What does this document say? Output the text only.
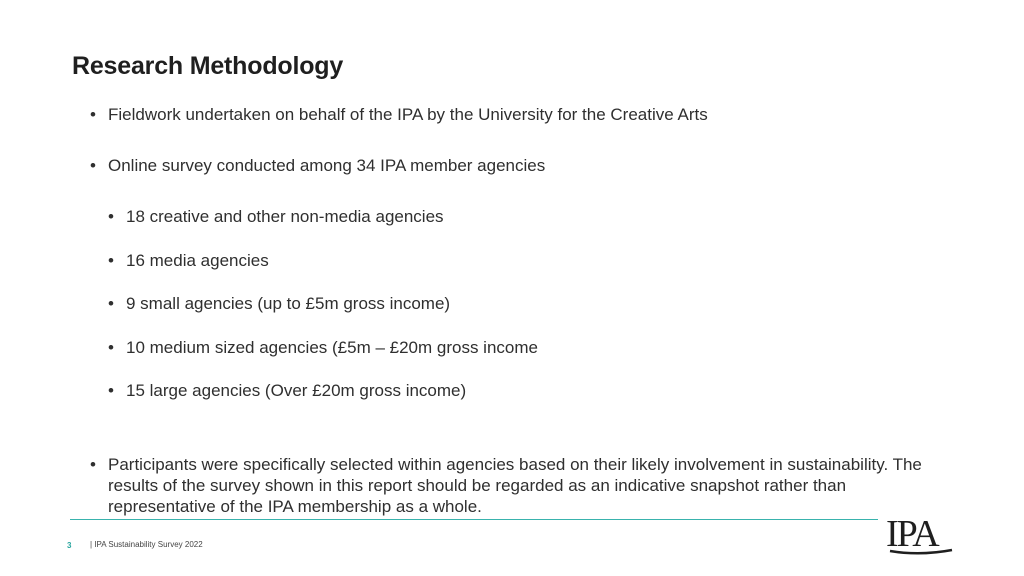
Research Methodology
• Fieldwork undertaken on behalf of the IPA by the University for the Creative Arts
• Online survey conducted among 34 IPA member agencies
• 18 creative and other non-media agencies
• 16 media agencies
• 9 small agencies (up to £5m gross income)
• 10 medium sized agencies (£5m – £20m gross income
• 15 large agencies (Over £20m gross income)
• Participants were specifically selected within agencies based on their likely involvement in sustainability. The results of the survey shown in this report should be regarded as an indicative snapshot rather than representative of the IPA membership as a whole.
3 | IPA Sustainability Survey 2022	IPA
